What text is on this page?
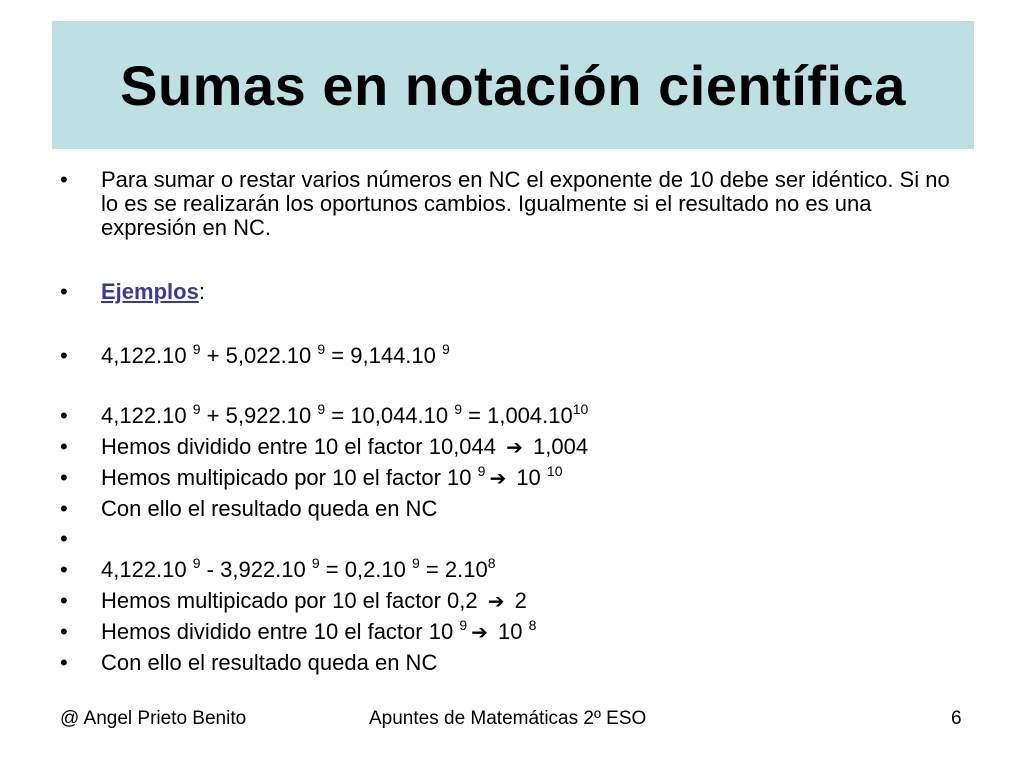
Sumas en notación científica
•	Para sumar o restar varios números en NC el exponente de 10 debe ser idéntico. Si no lo es se realizarán los oportunos cambios. Igualmente si el resultado no es una expresión en NC.
•	Ejemplos:
•	4,122.10 $^9$ + 5,022.10 $^9$ = 9,144.10 $^9$
•	4,122.10 $^9$ + 5,922.10 $^9$ = 10,044.10 $^9 = 1,004.10^{10}$
•	Hemos dividido entre 10 el factor 10,044 ➔ 1,004
•	Hemos multipicado por 10 el factor 10 $^9$ ➔ 10 $^{10}$
•	Con ello el resultado queda en NC
•
•	4,122.10 $^9$ - 3,922.10 $^9$ = 0,2.10 $^9 = 2.10^8$
•	Hemos multipicado por 10 el factor 0,2 ➔ 2
•	Hemos dividido entre 10 el factor 10 $^9$ ➔ 10 $^8$
•	Con ello el resultado queda en NC
@ Angel Prieto Benito	Apuntes de Matemáticas 2º ESO	6
